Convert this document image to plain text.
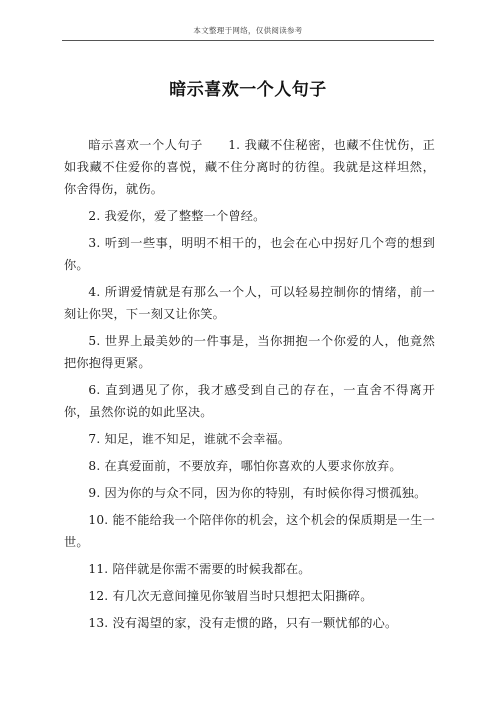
本文整理于网络，仅供阅读参考
暗示喜欢一个人句子

暗示喜欢一个人句子　　1. 我藏不住秘密，也藏不住忧伤，正如我藏不住爱你的喜悦，藏不住分离时的彷徨。我就是这样坦然，你舍得伤，就伤。

2. 我爱你，爱了整整一个曾经。

3. 听到一些事，明明不相干的，也会在心中拐好几个弯的想到你。

4. 所谓爱情就是有那么一个人，可以轻易控制你的情绪，前一刻让你哭，下一刻又让你笑。

5. 世界上最美妙的一件事是，当你拥抱一个你爱的人，他竟然把你抱得更紧。

6. 直到遇见了你，我才感受到自己的存在，一直舍不得离开你，虽然你说的如此坚决。

7. 知足，谁不知足，谁就不会幸福。

8. 在真爱面前，不要放弃，哪怕你喜欢的人要求你放弃。

9. 因为你的与众不同，因为你的特别，有时候你得习惯孤独。

10. 能不能给我一个陪伴你的机会，这个机会的保质期是一生一世。

11. 陪伴就是你需不需要的时候我都在。

12. 有几次无意间撞见你皱眉当时只想把太阳撕碎。

13. 没有渴望的家，没有走惯的路，只有一颗忧郁的心。
